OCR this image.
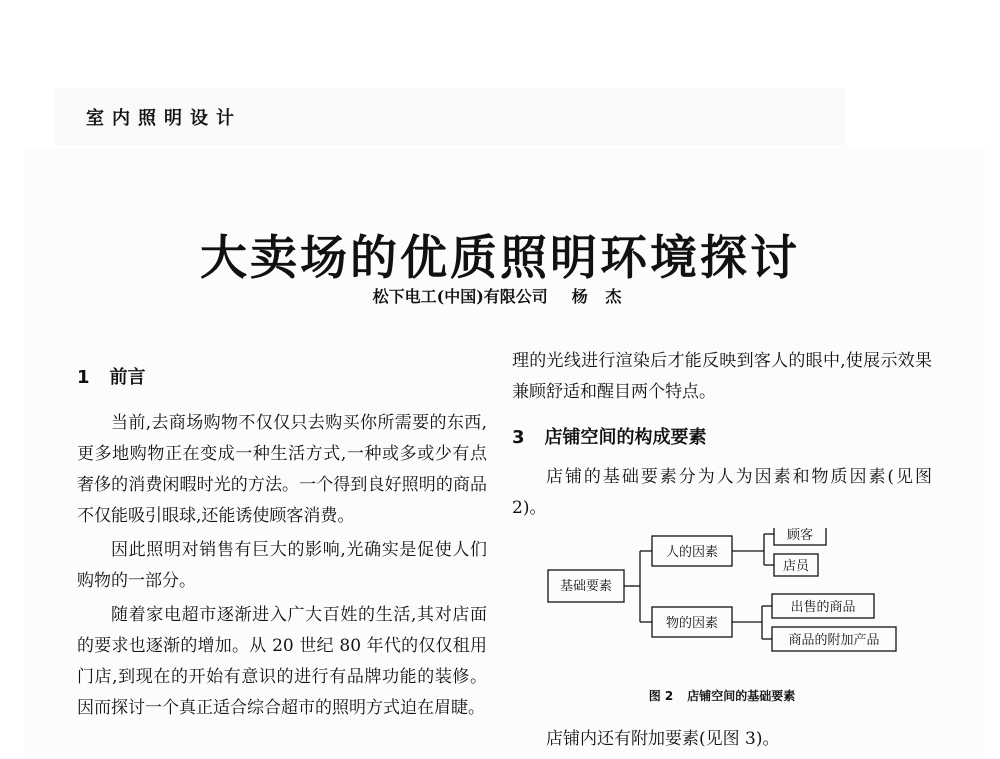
室内照明设计
大卖场的优质照明环境探讨
松下电工(中国)有限公司 杨 杰
1 前言

当前,去商场购物不仅仅只去购买你所需要的东西,更多地购物正在变成一种生活方式,一种或多或少有点奢侈的消费闲暇时光的方法。一个得到良好照明的商品不仅能吸引眼球,还能诱使顾客消费。

因此照明对销售有巨大的影响,光确实是促使人们购物的一部分。

随着家电超市逐渐进入广大百姓的生活,其对店面的要求也逐渐的增加。从 20 世纪 80 年代的仅仅租用门店,到现在的开始有意识的进行有品牌功能的装修。因而探讨一个真正适合综合超市的照明方式迫在眉睫。

理的光线进行渲染后才能反映到客人的眼中,使展示效果兼顾舒适和醒目两个特点。

3 店铺空间的构成要素

店铺的基础要素分为人为因素和物质因素(见图 2)。

基础要素
人的因素
物的因素
顾客
店员
出售的商品
商品的附加产品
图 2 店铺空间的基础要素

店铺内还有附加要素(见图 3)。
